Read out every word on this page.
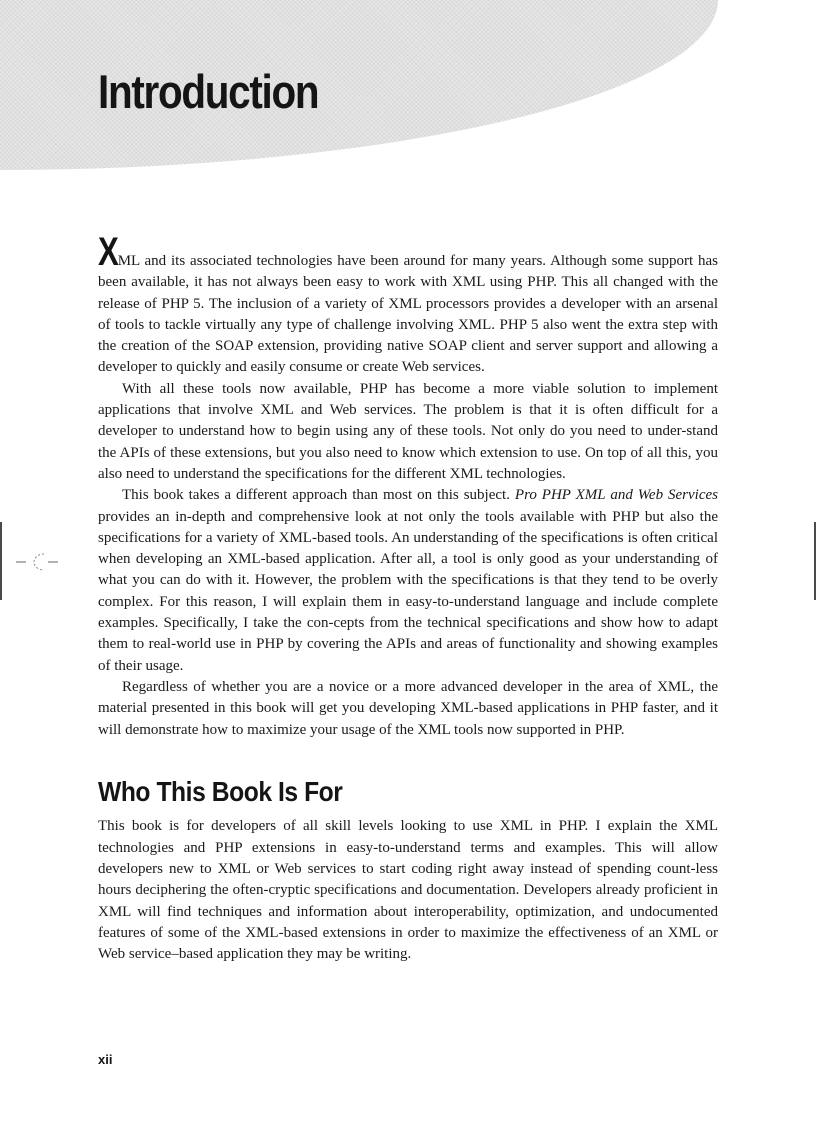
Introduction

XML and its associated technologies have been around for many years. Although some support has been available, it has not always been easy to work with XML using PHP. This all changed with the release of PHP 5. The inclusion of a variety of XML processors provides a developer with an arsenal of tools to tackle virtually any type of challenge involving XML. PHP 5 also went the extra step with the creation of the SOAP extension, providing native SOAP client and server support and allowing a developer to quickly and easily consume or create Web services.

With all these tools now available, PHP has become a more viable solution to implement applications that involve XML and Web services. The problem is that it is often difficult for a developer to understand how to begin using any of these tools. Not only do you need to under-stand the APIs of these extensions, but you also need to know which extension to use. On top of all this, you also need to understand the specifications for the different XML technologies.

This book takes a different approach than most on this subject. Pro PHP XML and Web Services provides an in-depth and comprehensive look at not only the tools available with PHP but also the specifications for a variety of XML-based tools. An understanding of the specifications is often critical when developing an XML-based application. After all, a tool is only good as your understanding of what you can do with it. However, the problem with the specifications is that they tend to be overly complex. For this reason, I will explain them in easy-to-understand language and include complete examples. Specifically, I take the con-cepts from the technical specifications and show how to adapt them to real-world use in PHP by covering the APIs and areas of functionality and showing examples of their usage.

Regardless of whether you are a novice or a more advanced developer in the area of XML, the material presented in this book will get you developing XML-based applications in PHP faster, and it will demonstrate how to maximize your usage of the XML tools now supported in PHP.

Who This Book Is For

This book is for developers of all skill levels looking to use XML in PHP. I explain the XML technologies and PHP extensions in easy-to-understand terms and examples. This will allow developers new to XML or Web services to start coding right away instead of spending count-less hours deciphering the often-cryptic specifications and documentation. Developers already proficient in XML will find techniques and information about interoperability, optimization, and undocumented features of some of the XML-based extensions in order to maximize the effectiveness of an XML or Web service–based application they may be writing.

xii
